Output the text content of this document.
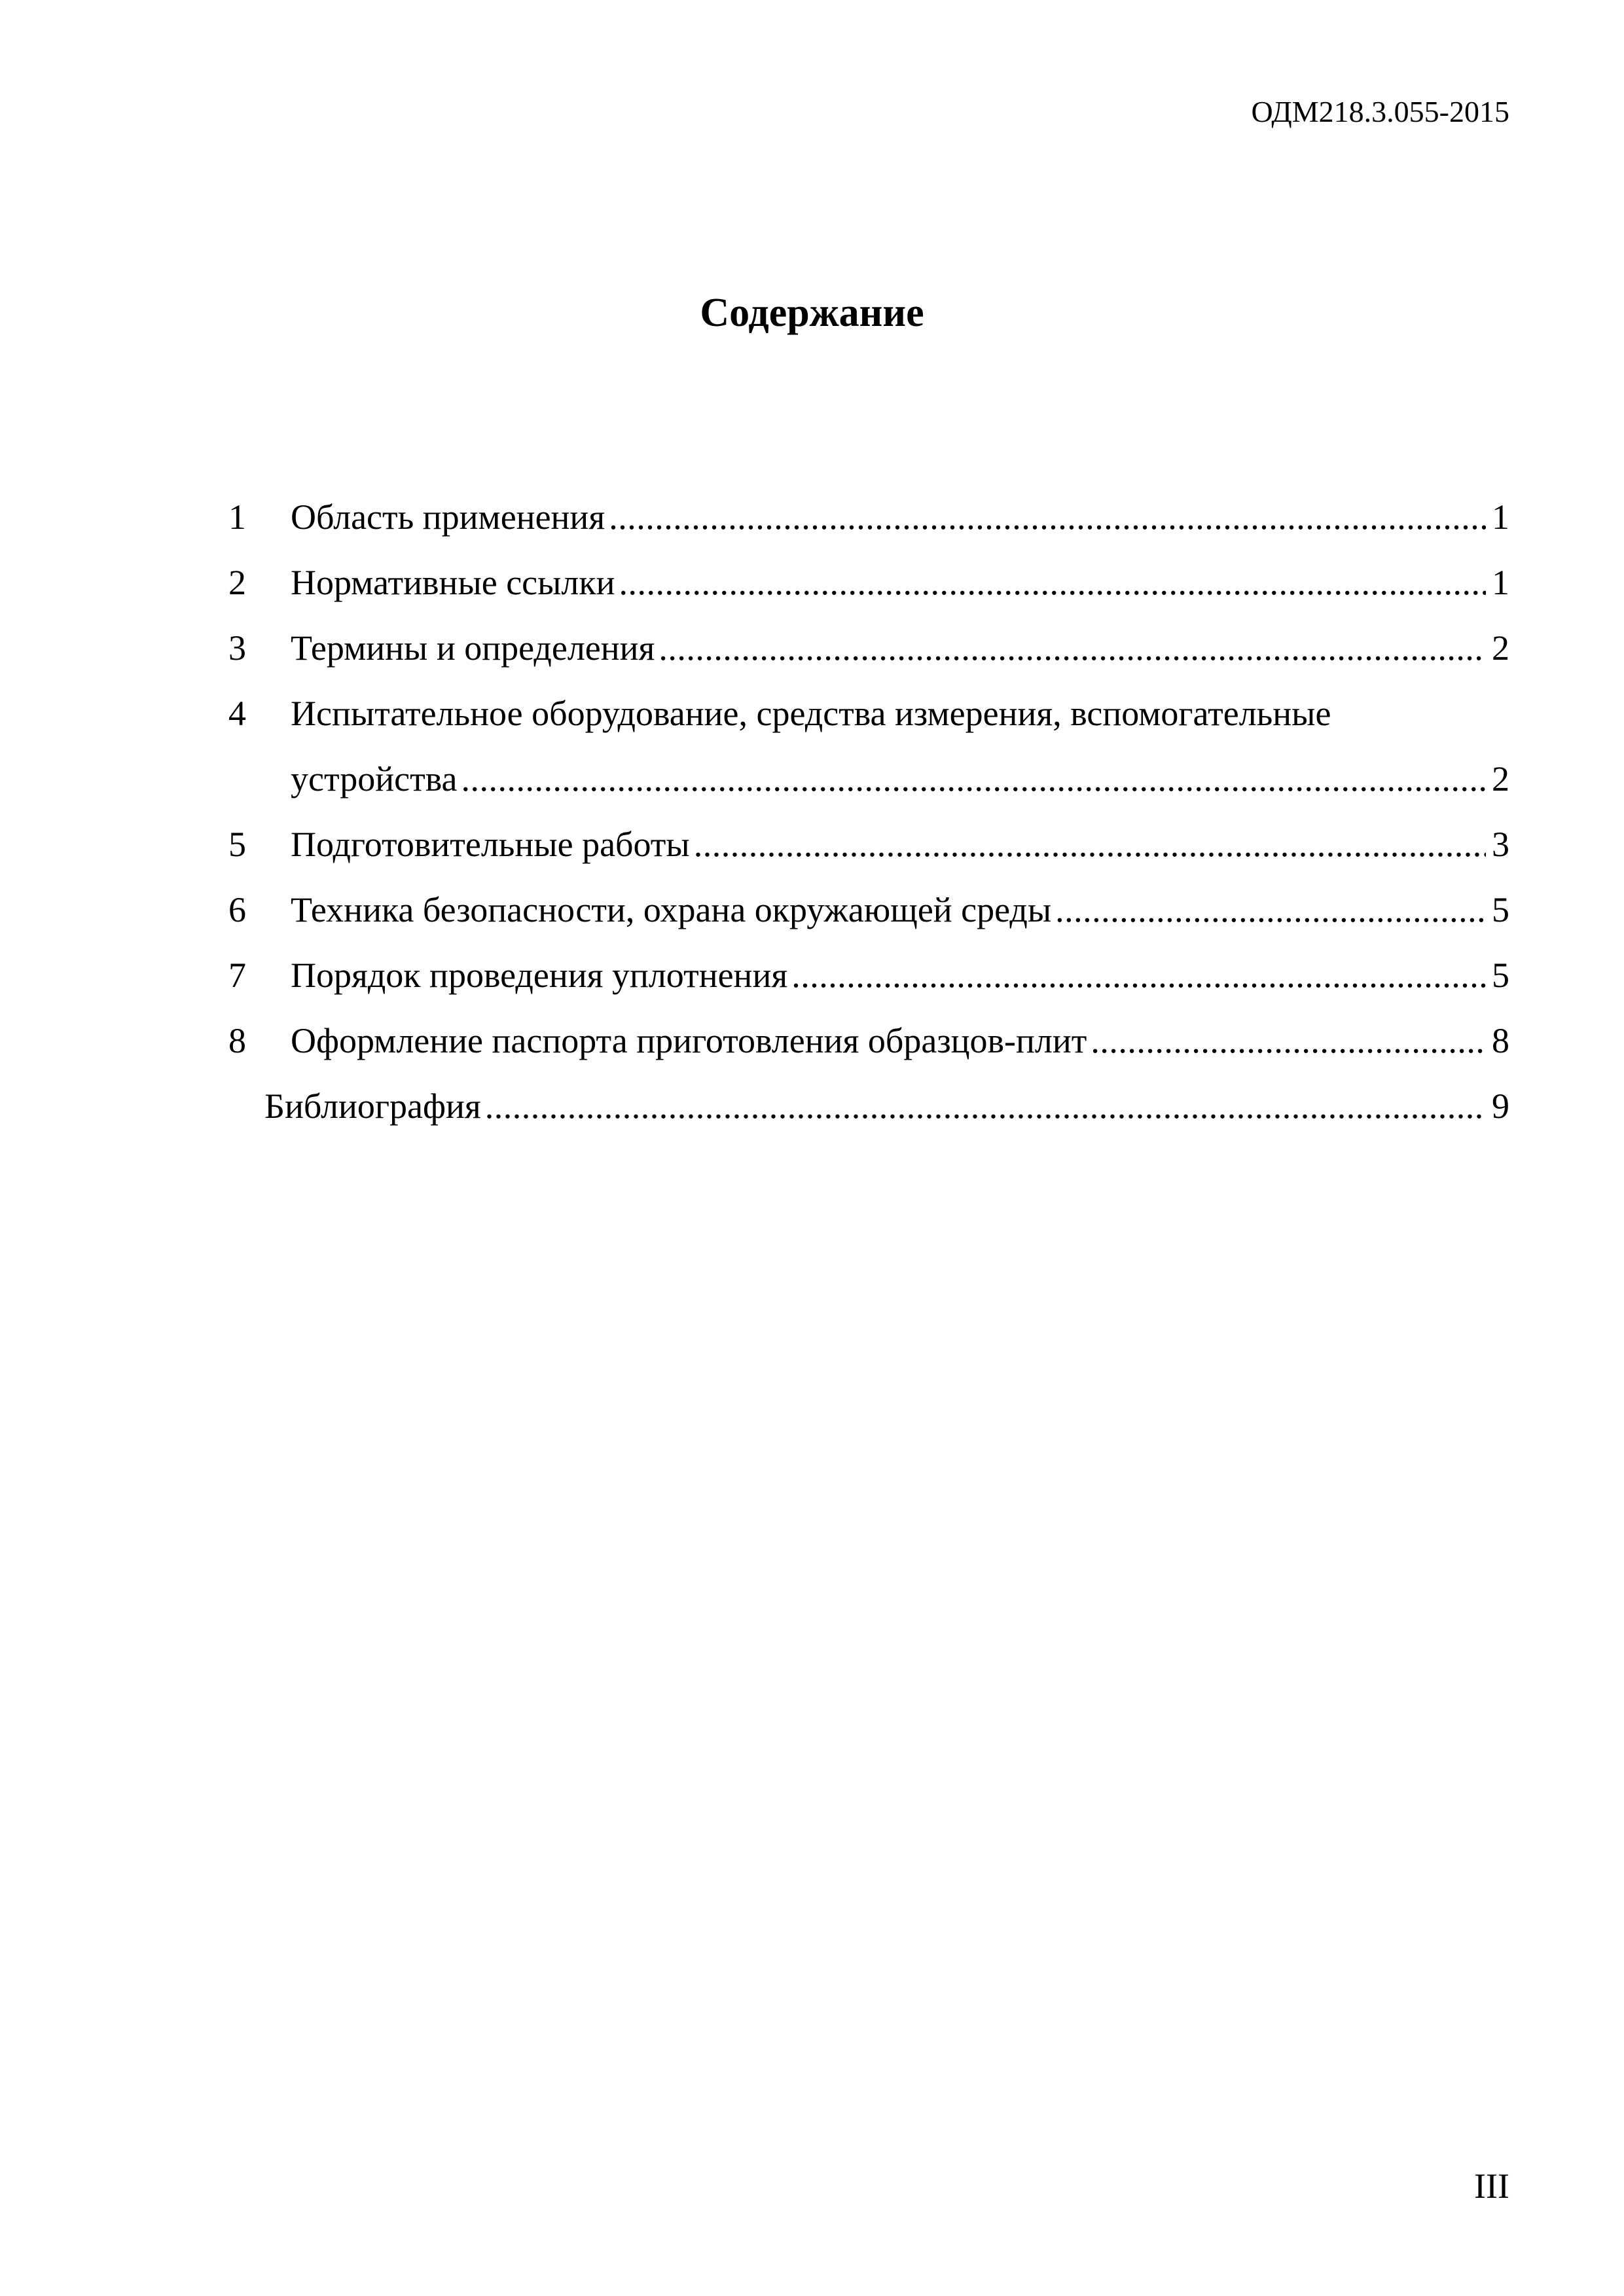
ОДМ218.3.055-2015
Содержание
1	Область применения .....	1
2	Нормативные ссылки .....	1
3	Термины и определения .....	2
4	Испытательное оборудование, средства измерения, вспомогательные
устройства .....	2
5	Подготовительные работы .....	3
6	Техника безопасности, охрана окружающей среды .....	5
7	Порядок проведения уплотнения .....	5
8	Оформление паспорта приготовления образцов-плит .....	8
Библиография .....	9
III
